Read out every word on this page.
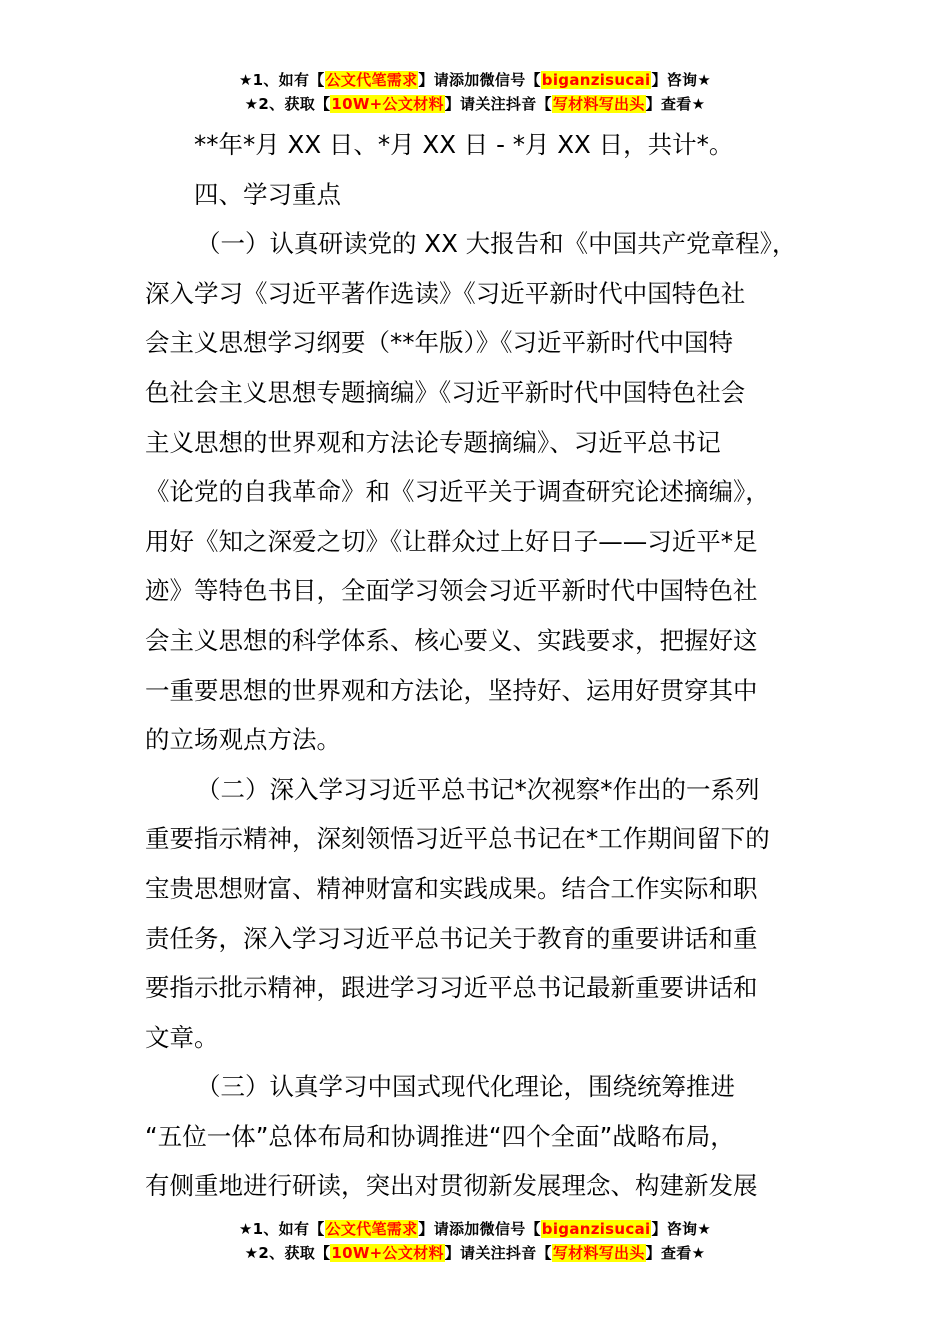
★1、如有【公文代笔需求】请添加微信号【biganzisucai】咨询★
★2、获取【10W+公文材料】请关注抖音【写材料写出头】查看★

**年*月 XX 日、*月 XX 日 - *月 XX 日，共计*。

四、学习重点

（一）认真研读党的 XX 大报告和《中国共产党章程》，

深入学习《习近平著作选读》《习近平新时代中国特色社

会主义思想学习纲要（**年版）》《习近平新时代中国特

色社会主义思想专题摘编》《习近平新时代中国特色社会

主义思想的世界观和方法论专题摘编》、习近平总书记

《论党的自我革命》和《习近平关于调查研究论述摘编》，

用好《知之深爱之切》《让群众过上好日子——习近平*足

迹》等特色书目，全面学习领会习近平新时代中国特色社

会主义思想的科学体系、核心要义、实践要求，把握好这

一重要思想的世界观和方法论，坚持好、运用好贯穿其中

的立场观点方法。

（二）深入学习习近平总书记*次视察*作出的一系列

重要指示精神，深刻领悟习近平总书记在*工作期间留下的

宝贵思想财富、精神财富和实践成果。结合工作实际和职

责任务，深入学习习近平总书记关于教育的重要讲话和重

要指示批示精神，跟进学习习近平总书记最新重要讲话和

文章。

（三）认真学习中国式现代化理论，围绕统筹推进

“五位一体”总体布局和协调推进“四个全面”战略布局，

有侧重地进行研读，突出对贯彻新发展理念、构建新发展

★1、如有【公文代笔需求】请添加微信号【biganzisucai】咨询★
★2、获取【10W+公文材料】请关注抖音【写材料写出头】查看★
